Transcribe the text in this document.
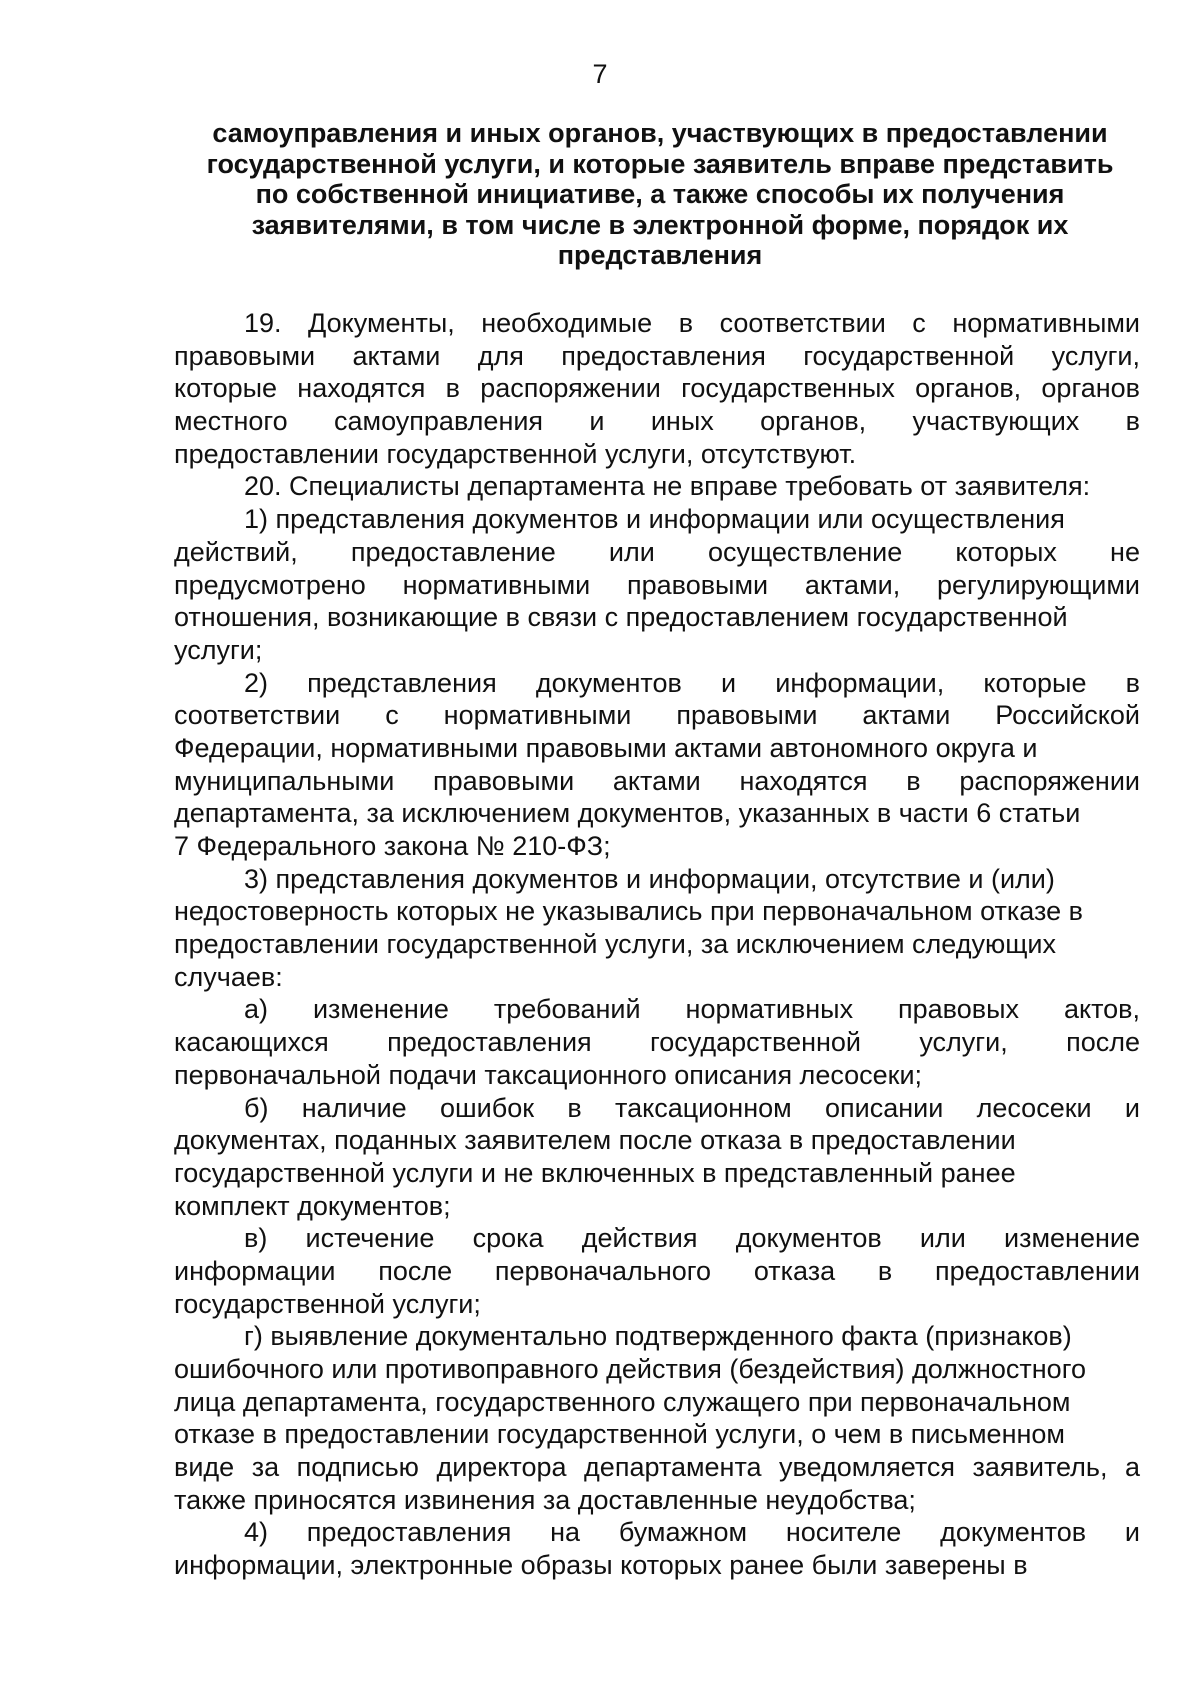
7
самоуправления и иных органов, участвующих в предоставлении
государственной услуги, и которые заявитель вправе представить
по собственной инициативе, а также способы их получения
заявителями, в том числе в электронной форме, порядок их
представления
19. Документы, необходимые в соответствии с нормативными
правовыми актами для предоставления государственной услуги,
которые находятся в распоряжении государственных органов, органов
местного самоуправления и иных органов, участвующих в
предоставлении государственной услуги, отсутствуют.
20. Специалисты департамента не вправе требовать от заявителя:
1) представления документов и информации или осуществления
действий, предоставление или осуществление которых не
предусмотрено нормативными правовыми актами, регулирующими
отношения, возникающие в связи с предоставлением государственной
услуги;
2) представления документов и информации, которые в
соответствии с нормативными правовыми актами Российской
Федерации, нормативными правовыми актами автономного округа и
муниципальными правовыми актами находятся в распоряжении
департамента, за исключением документов, указанных в части 6 статьи
7 Федерального закона № 210-ФЗ;
3) представления документов и информации, отсутствие и (или)
недостоверность которых не указывались при первоначальном отказе в
предоставлении государственной услуги, за исключением следующих
случаев:
а) изменение требований нормативных правовых актов,
касающихся предоставления государственной услуги, после
первоначальной подачи таксационного описания лесосеки;
б) наличие ошибок в таксационном описании лесосеки и
документах, поданных заявителем после отказа в предоставлении
государственной услуги и не включенных в представленный ранее
комплект документов;
в) истечение срока действия документов или изменение
информации после первоначального отказа в предоставлении
государственной услуги;
г) выявление документально подтвержденного факта (признаков)
ошибочного или противоправного действия (бездействия) должностного
лица департамента, государственного служащего при первоначальном
отказе в предоставлении государственной услуги, о чем в письменном
виде за подписью директора департамента уведомляется заявитель, а
также приносятся извинения за доставленные неудобства;
4) предоставления на бумажном носителе документов и
информации, электронные образы которых ранее были заверены в
